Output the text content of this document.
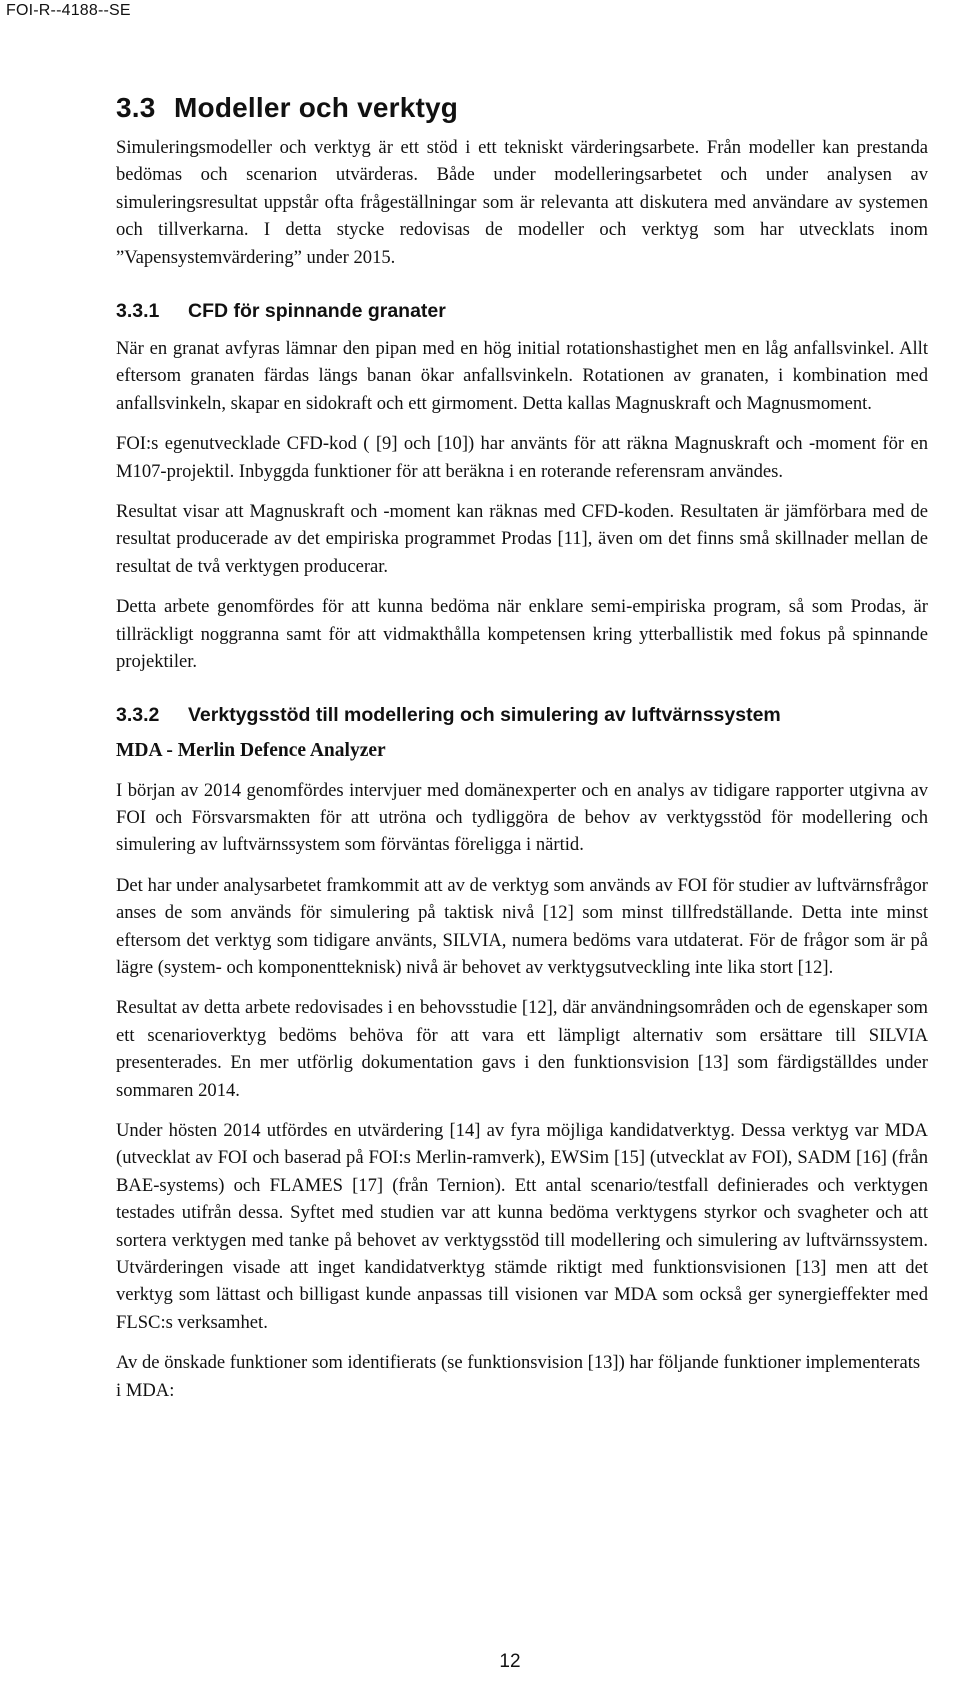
FOI-R--4188--SE
3.3 Modeller och verktyg

Simuleringsmodeller och verktyg är ett stöd i ett tekniskt värderingsarbete. Från modeller kan prestanda bedömas och scenarion utvärderas. Både under modelleringsarbetet och under analysen av simuleringsresultat uppstår ofta frågeställningar som är relevanta att diskutera med användare av systemen och tillverkarna. I detta stycke redovisas de modeller och verktyg som har utvecklats inom ”Vapensystemvärdering” under 2015.

3.3.1 CFD för spinnande granater

När en granat avfyras lämnar den pipan med en hög initial rotationshastighet men en låg anfallsvinkel. Allt eftersom granaten färdas längs banan ökar anfallsvinkeln. Rotationen av granaten, i kombination med anfallsvinkeln, skapar en sidokraft och ett girmoment. Detta kallas Magnuskraft och Magnusmoment.

FOI:s egenutvecklade CFD-kod ( [9] och [10]) har använts för att räkna Magnuskraft och -moment för en M107-projektil. Inbyggda funktioner för att beräkna i en roterande referensram användes.

Resultat visar att Magnuskraft och -moment kan räknas med CFD-koden. Resultaten är jämförbara med de resultat producerade av det empiriska programmet Prodas [11], även om det finns små skillnader mellan de resultat de två verktygen producerar.

Detta arbete genomfördes för att kunna bedöma när enklare semi-empiriska program, så som Prodas, är tillräckligt noggranna samt för att vidmakthålla kompetensen kring ytterballistik med fokus på spinnande projektiler.

3.3.2 Verktygsstöd till modellering och simulering av luftvärnssystem
MDA - Merlin Defence Analyzer

I början av 2014 genomfördes intervjuer med domänexperter och en analys av tidigare rapporter utgivna av FOI och Försvarsmakten för att utröna och tydliggöra de behov av verktygsstöd för modellering och simulering av luftvärnssystem som förväntas föreligga i närtid.

Det har under analysarbetet framkommit att av de verktyg som används av FOI för studier av luftvärnsfrågor anses de som används för simulering på taktisk nivå [12] som minst tillfredställande. Detta inte minst eftersom det verktyg som tidigare använts, SILVIA, numera bedöms vara utdaterat. För de frågor som är på lägre (system- och komponentteknisk) nivå är behovet av verktygsutveckling inte lika stort [12].

Resultat av detta arbete redovisades i en behovsstudie [12], där användningsområden och de egenskaper som ett scenarioverktyg bedöms behöva för att vara ett lämpligt alternativ som ersättare till SILVIA presenterades. En mer utförlig dokumentation gavs i den funktionsvision [13] som färdigställdes under sommaren 2014.

Under hösten 2014 utfördes en utvärdering [14] av fyra möjliga kandidatverktyg. Dessa verktyg var MDA (utvecklat av FOI och baserad på FOI:s Merlin-ramverk), EWSim [15] (utvecklat av FOI), SADM [16] (från BAE-systems) och FLAMES [17] (från Ternion). Ett antal scenario/testfall definierades och verktygen testades utifrån dessa. Syftet med studien var att kunna bedöma verktygens styrkor och svagheter och att sortera verktygen med tanke på behovet av verktygsstöd till modellering och simulering av luftvärnssystem. Utvärderingen visade att inget kandidatverktyg stämde riktigt med funktionsvisionen [13] men att det verktyg som lättast och billigast kunde anpassas till visionen var MDA som också ger synergieffekter med FLSC:s verksamhet.

Av de önskade funktioner som identifierats (se funktionsvision [13]) har följande funktioner implementerats i MDA:

12
